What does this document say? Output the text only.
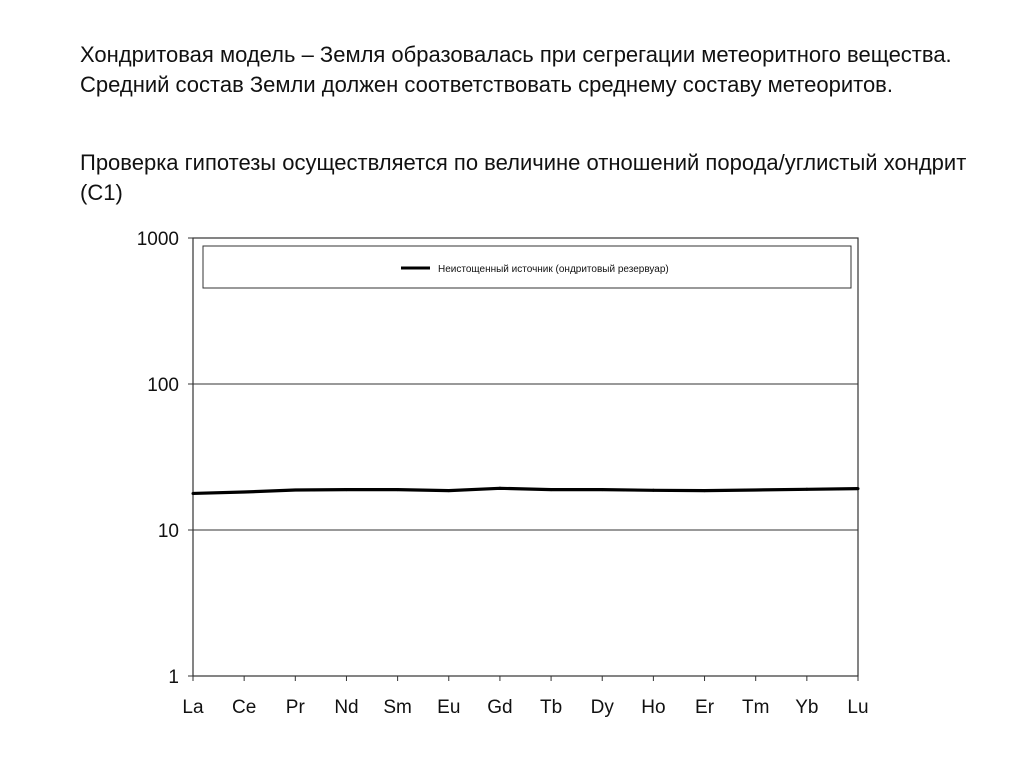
Хондритовая модель – Земля образовалась при сегрегации метеоритного вещества. Средний состав Земли должен соответствовать среднему составу метеоритов.

Проверка гипотезы осуществляется по величине отношений порода/углистый хондрит (С1)

1
10
100
1000
La Ce Pr Nd Sm Eu Gd Tb Dy Ho Er Tm Yb Lu
Неистощенный источник (ондритовый резервуар)
